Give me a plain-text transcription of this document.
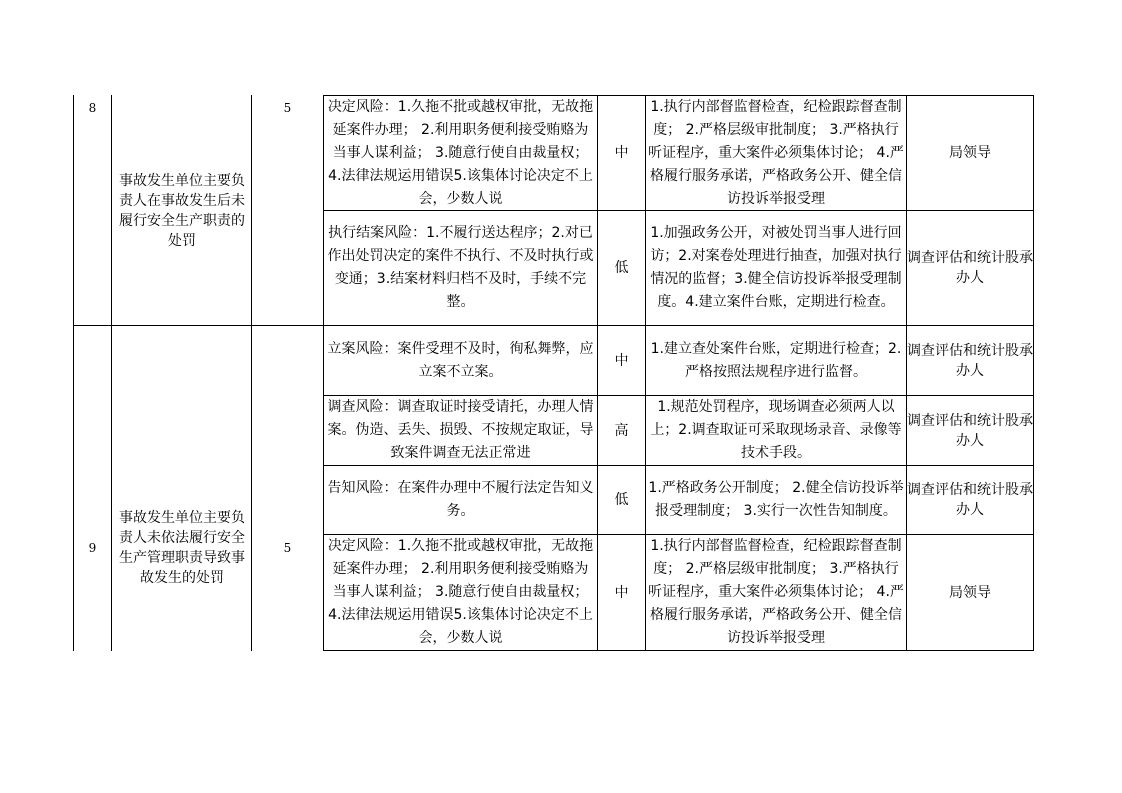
8
事故发生单位主要负责人在事故发生后未履行安全生产职责的处罚
5	决定风险：1.久拖不批或越权审批，无故拖延案件办理； 2.利用职务便利接受贿赂为当事人谋利益； 3.随意行使自由裁量权； 4.法律法规运用错误5.该集体讨论决定不上会，少数人说
中
1.执行内部督监督检查，纪检跟踪督查制度； 2.严格层级审批制度； 3.严格执行听证程序，重大案件必须集体讨论； 4.严格履行服务承诺，严格政务公开、健全信访投诉举报受理
局领导
执行结案风险：1.不履行送达程序；2.对已作出处罚决定的案件不执行、不及时执行或变通；3.结案材料归档不及时，手续不完整。
低
1.加强政务公开，对被处罚当事人进行回访；2.对案卷处理进行抽查，加强对执行情况的监督；3.健全信访投诉举报受理制度。4.建立案件台账，定期进行检查。
调查评估和统计股承办人
9
事故发生单位主要负责人未依法履行安全生产管理职责导致事故发生的处罚
5
立案风险：案件受理不及时，徇私舞弊，应立案不立案。
中
1.建立查处案件台账，定期进行检查；2.严格按照法规程序进行监督。
调查评估和统计股承办人
调查风险：调查取证时接受请托，办理人情案。伪造、丢失、损毁、不按规定取证，导致案件调查无法正常进
高
1.规范处罚程序，现场调查必须两人以上；2.调查取证可采取现场录音、录像等技术手段。
调查评估和统计股承办人
告知风险：在案件办理中不履行法定告知义务。
低
1.严格政务公开制度； 2.健全信访投诉举报受理制度； 3.实行一次性告知制度。
调查评估和统计股承办人
决定风险：1.久拖不批或越权审批，无故拖延案件办理； 2.利用职务便利接受贿赂为当事人谋利益； 3.随意行使自由裁量权； 4.法律法规运用错误5.该集体讨论决定不上会，少数人说
中
1.执行内部督监督检查，纪检跟踪督查制度； 2.严格层级审批制度； 3.严格执行听证程序，重大案件必须集体讨论； 4.严格履行服务承诺，严格政务公开、健全信访投诉举报受理
局领导
